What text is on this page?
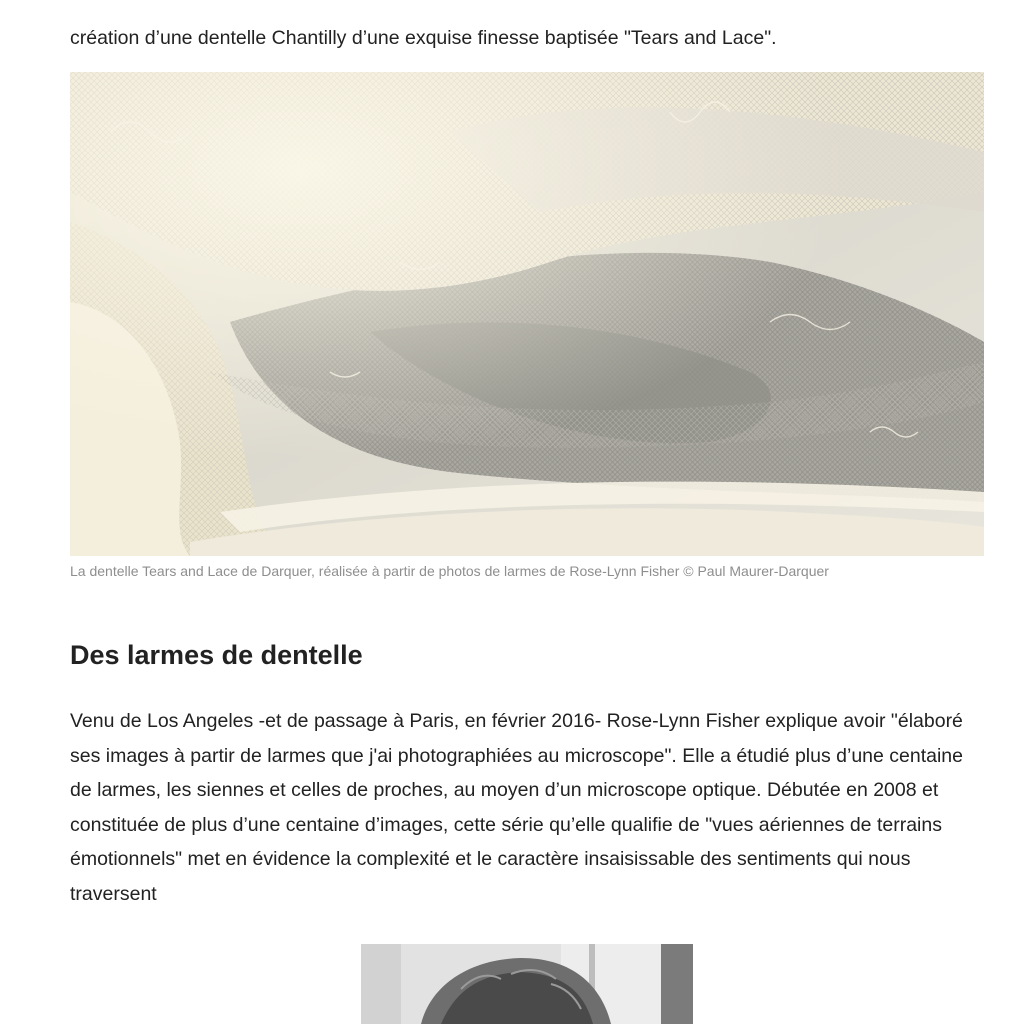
création d’une dentelle Chantilly d’une exquise finesse baptisée "Tears and Lace".

La dentelle Tears and Lace de Darquer, réalisée à partir de photos de larmes de Rose-Lynn Fisher © Paul Maurer-Darquer
Des larmes de dentelle

Venu de Los Angeles -et de passage à Paris, en février 2016- Rose-Lynn Fisher explique avoir "élaboré ses images à partir de larmes que j'ai photographiées au microscope". Elle a étudié plus d’une centaine de larmes, les siennes et celles de proches, au moyen d’un microscope optique. Débutée en 2008 et constituée de plus d’une centaine d’images, cette série qu’elle qualifie de "vues aériennes de terrains émotionnels" met en évidence la complexité et le caractère insaisissable des sentiments qui nous traversent
